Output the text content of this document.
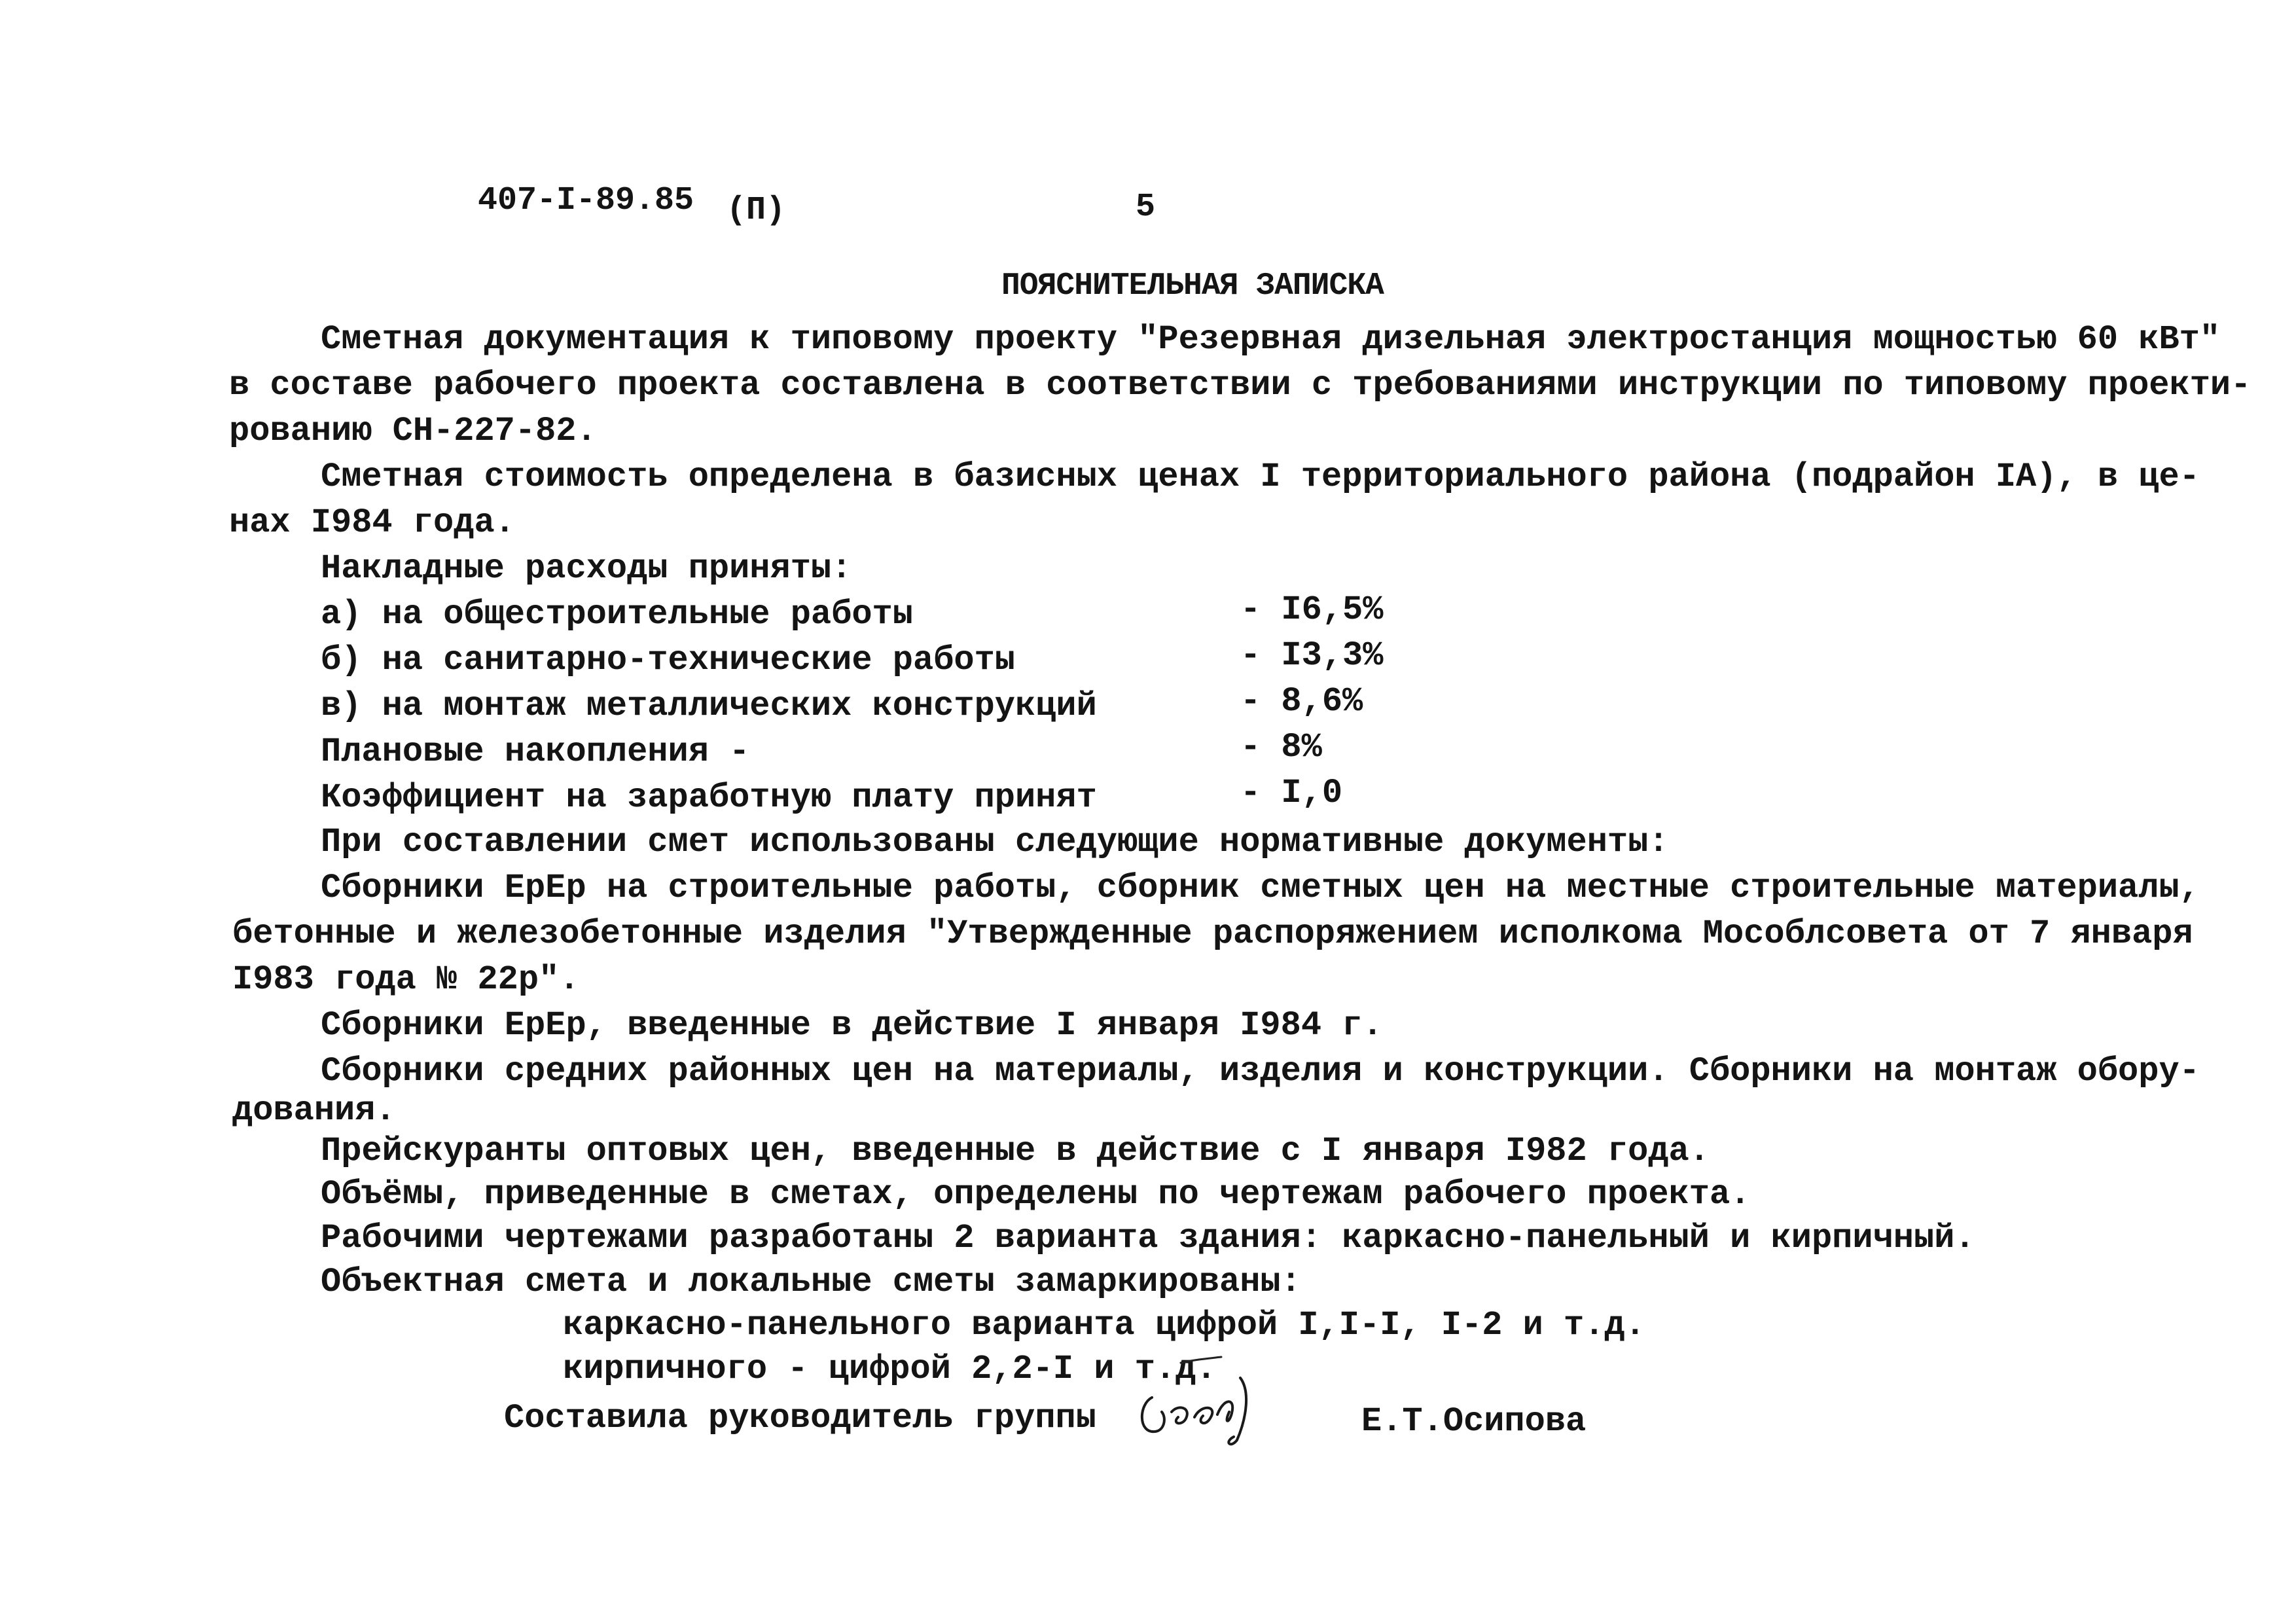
407-I-89.85 (П)	5
ПОЯСНИТЕЛЬНАЯ ЗАПИСКА
Сметная документация к типовому проекту "Резервная дизельная электростанция мощностью 60 кВт"
в составе рабочего проекта составлена в соответствии с требованиями инструкции по типовому проекти-
рованию СН-227-82.
Сметная стоимость определена в базисных ценах I территориального района (подрайон IА), в це-
нах I984 года.
Накладные расходы приняты:
а) на общестроительные работы	- I6,5%
б) на санитарно-технические работы	- I3,3%
в) на монтаж металлических конструкций	- 8,6%
Плановые накопления -	- 8%
Коэффициент на заработную плату принят	- I,0
При составлении смет использованы следующие нормативные документы:
Сборники ЕрЕр на строительные работы, сборник сметных цен на местные строительные материалы,
бетонные и железобетонные изделия "Утвержденные распоряжением исполкома Мособлсовета от 7 января
I983 года № 22р".
Сборники ЕрЕр, введенные в действие I января I984 г.
Сборники средних районных цен на материалы, изделия и конструкции. Сборники на монтаж обору-
дования.
Прейскуранты оптовых цен, введенные в действие с I января I982 года.
Объёмы, приведенные в сметах, определены по чертежам рабочего проекта.
Рабочими чертежами разработаны 2 варианта здания: каркасно-панельный и кирпичный.
Объектная смета и локальные сметы замаркированы:
каркасно-панельного варианта цифрой I,I-I, I-2 и т.д.
кирпичного - цифрой 2,2-I и т.д.
Составила руководитель группы	Е.Т.Осипова
